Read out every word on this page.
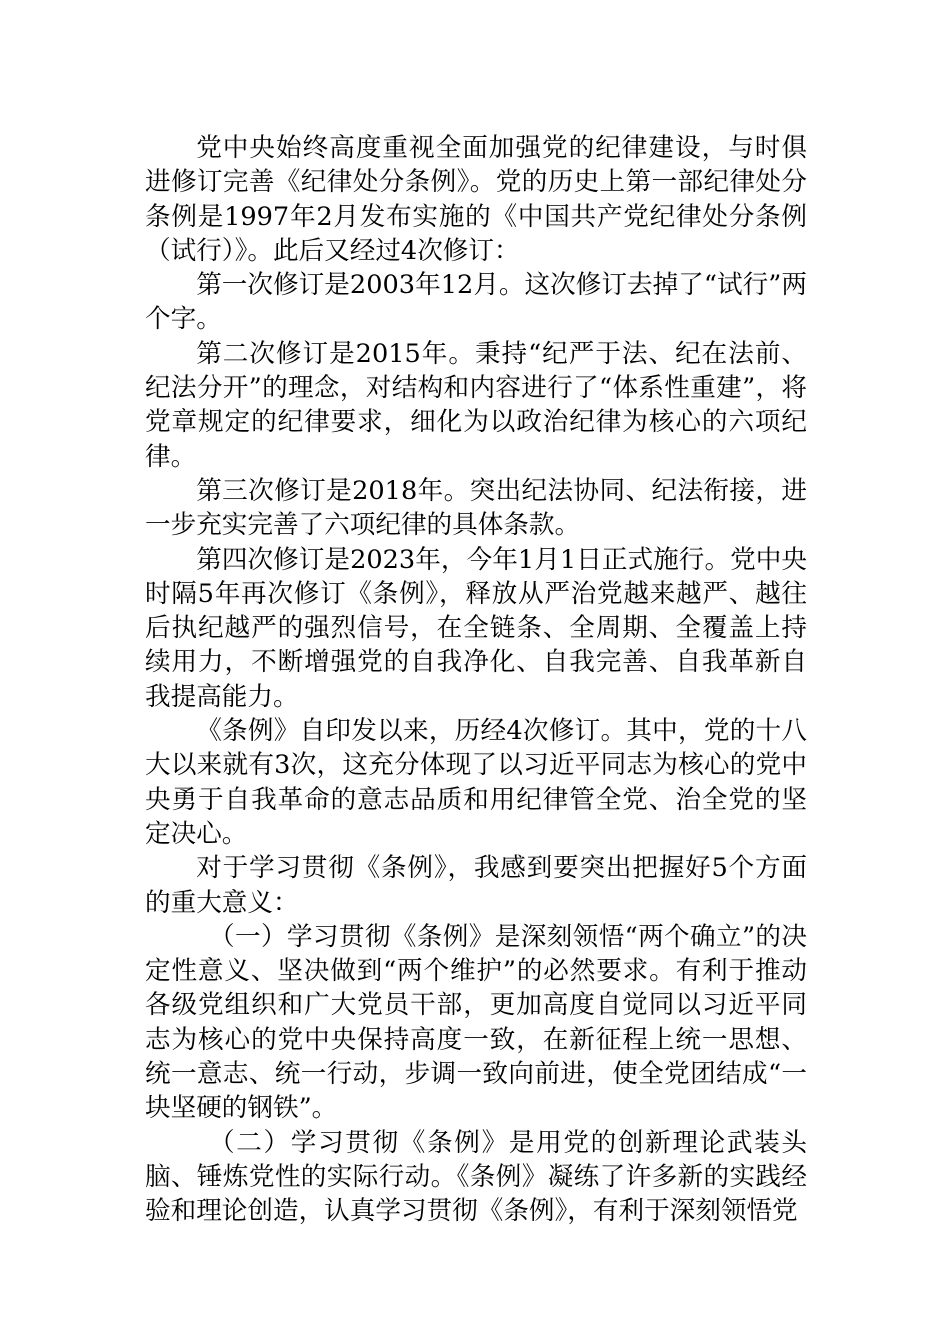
党中央始终高度重视全面加强党的纪律建设，与时俱进修订完善《纪律处分条例》。党的历史上第一部纪律处分条例是1997年2月发布实施的《中国共产党纪律处分条例（试行）》。此后又经过4次修订：

第一次修订是2003年12月。这次修订去掉了“试行”两个字。

第二次修订是2015年。秉持“纪严于法、纪在法前、纪法分开”的理念，对结构和内容进行了“体系性重建”，将党章规定的纪律要求，细化为以政治纪律为核心的六项纪律。

第三次修订是2018年。突出纪法协同、纪法衔接，进一步充实完善了六项纪律的具体条款。

第四次修订是2023年，今年1月1日正式施行。党中央时隔5年再次修订《条例》，释放从严治党越来越严、越往后执纪越严的强烈信号，在全链条、全周期、全覆盖上持续用力，不断增强党的自我净化、自我完善、自我革新自我提高能力。

《条例》自印发以来，历经4次修订。其中，党的十八大以来就有3次，这充分体现了以习近平同志为核心的党中央勇于自我革命的意志品质和用纪律管全党、治全党的坚定决心。

对于学习贯彻《条例》，我感到要突出把握好5个方面的重大意义：

（一）学习贯彻《条例》是深刻领悟“两个确立”的决定性意义、坚决做到“两个维护”的必然要求。有利于推动各级党组织和广大党员干部，更加高度自觉同以习近平同志为核心的党中央保持高度一致，在新征程上统一思想、统一意志、统一行动，步调一致向前进，使全党团结成“一块坚硬的钢铁”。

（二）学习贯彻《条例》是用党的创新理论武装头脑、锤炼党性的实际行动。《条例》凝练了许多新的实践经验和理论创造，认真学习贯彻《条例》，有利于深刻领悟党
